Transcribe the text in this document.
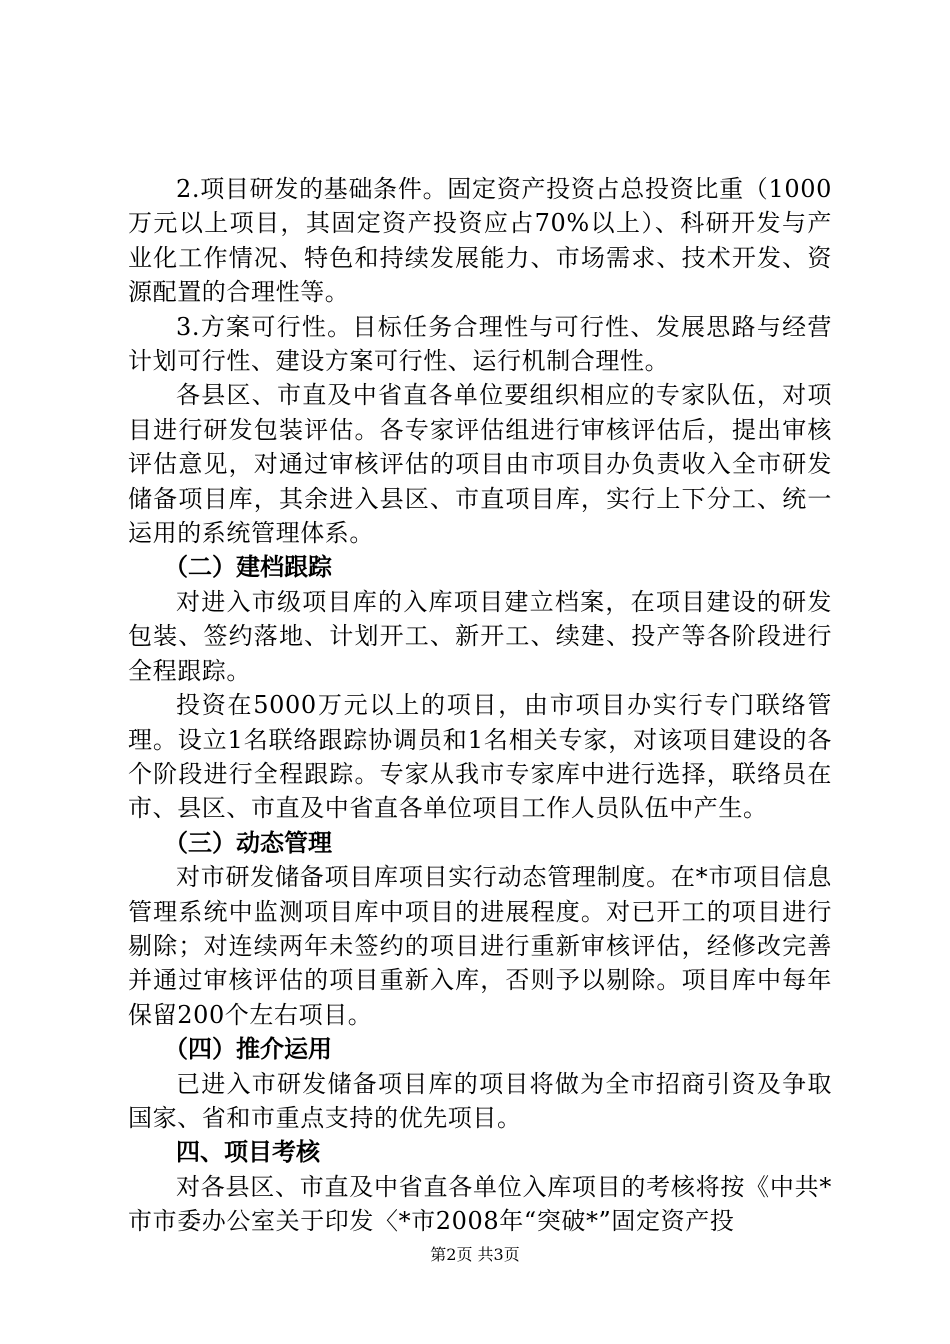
2.项目研发的基础条件。固定资产投资占总投资比重（1000万元以上项目，其固定资产投资应占70%以上）、科研开发与产业化工作情况、特色和持续发展能力、市场需求、技术开发、资源配置的合理性等。

3.方案可行性。目标任务合理性与可行性、发展思路与经营计划可行性、建设方案可行性、运行机制合理性。

各县区、市直及中省直各单位要组织相应的专家队伍，对项目进行研发包装评估。各专家评估组进行审核评估后，提出审核评估意见，对通过审核评估的项目由市项目办负责收入全市研发储备项目库，其余进入县区、市直项目库，实行上下分工、统一运用的系统管理体系。

（二）建档跟踪

对进入市级项目库的入库项目建立档案，在项目建设的研发包装、签约落地、计划开工、新开工、续建、投产等各阶段进行全程跟踪。

投资在5000万元以上的项目，由市项目办实行专门联络管理。设立1名联络跟踪协调员和1名相关专家，对该项目建设的各个阶段进行全程跟踪。专家从我市专家库中进行选择，联络员在市、县区、市直及中省直各单位项目工作人员队伍中产生。

（三）动态管理

对市研发储备项目库项目实行动态管理制度。在*市项目信息管理系统中监测项目库中项目的进展程度。对已开工的项目进行剔除；对连续两年未签约的项目进行重新审核评估，经修改完善并通过审核评估的项目重新入库，否则予以剔除。项目库中每年保留200个左右项目。

（四）推介运用

已进入市研发储备项目库的项目将做为全市招商引资及争取国家、省和市重点支持的优先项目。

四、项目考核

对各县区、市直及中省直各单位入库项目的考核将按《中共*市市委办公室关于印发〈*市2008年“突破*”固定资产投

第2页 共3页
